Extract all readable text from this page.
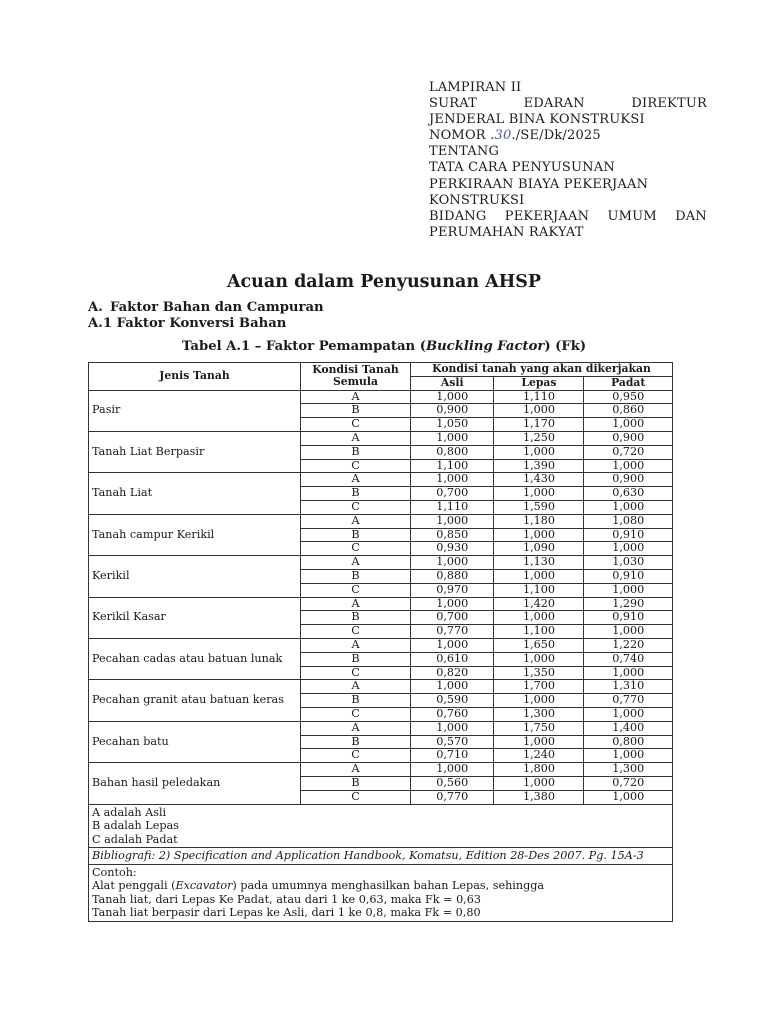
LAMPIRAN II
SURAT	EDARAN	DIREKTUR
JENDERAL BINA KONSTRUKSI
NOMOR .30./SE/Dk/2025
TENTANG
TATA CARA PENYUSUNAN
PERKIRAAN BIAYA PEKERJAAN
KONSTRUKSI
BIDANG PEKERJAAN UMUM DAN
PERUMAHAN RAKYAT
Acuan dalam Penyusunan AHSP
A. Faktor Bahan dan Campuran
A.1 Faktor Konversi Bahan
Tabel A.1 – Faktor Pemampatan (Buckling Factor) (Fk)
Jenis Tanah	Kondisi Tanah Semula	Kondisi tanah yang akan dikerjakan		
		Asli	Lepas	Padat
Pasir	A	1,000	1,110	0,950
	B	0,900	1,000	0,860
	C	1,050	1,170	1,000
Tanah Liat Berpasir	A	1,000	1,250	0,900
	B	0,800	1,000	0,720
	C	1,100	1,390	1,000
Tanah Liat	A	1,000	1,430	0,900
	B	0,700	1,000	0,630
	C	1,110	1,590	1,000
Tanah campur Kerikil	A	1,000	1,180	1,080
	B	0,850	1,000	0,910
	C	0,930	1,090	1,000
Kerikil	A	1,000	1,130	1,030
	B	0,880	1,000	0,910
	C	0,970	1,100	1,000
Kerikil Kasar	A	1,000	1,420	1,290
	B	0,700	1,000	0,910
	C	0,770	1,100	1,000
Pecahan cadas atau batuan lunak	A	1,000	1,650	1,220
	B	0,610	1,000	0,740
	C	0,820	1,350	1,000
Pecahan granit atau batuan keras	A	1,000	1,700	1,310
	B	0,590	1,000	0,770
	C	0,760	1,300	1,000
Pecahan batu	A	1,000	1,750	1,400
	B	0,570	1,000	0,800
	C	0,710	1,240	1,000
Bahan hasil peledakan	A	1,000	1,800	1,300
	B	0,560	1,000	0,720
	C	0,770	1,380	1,000

A adalah Asli
B adalah Lepas
C adalah Padat				

Bibliografi: 2) Specification and Application Handbook, Komatsu, Edition 28-Des 2007. Pg. 15A-3				

Contoh:
Alat penggali (Excavator) pada umumnya menghasilkan bahan Lepas, sehingga
Tanah liat, dari Lepas Ke Padat, atau dari 1 ke 0,63, maka Fk = 0,63
Tanah liat berpasir dari Lepas ke Asli, dari 1 ke 0,8, maka Fk = 0,80				
